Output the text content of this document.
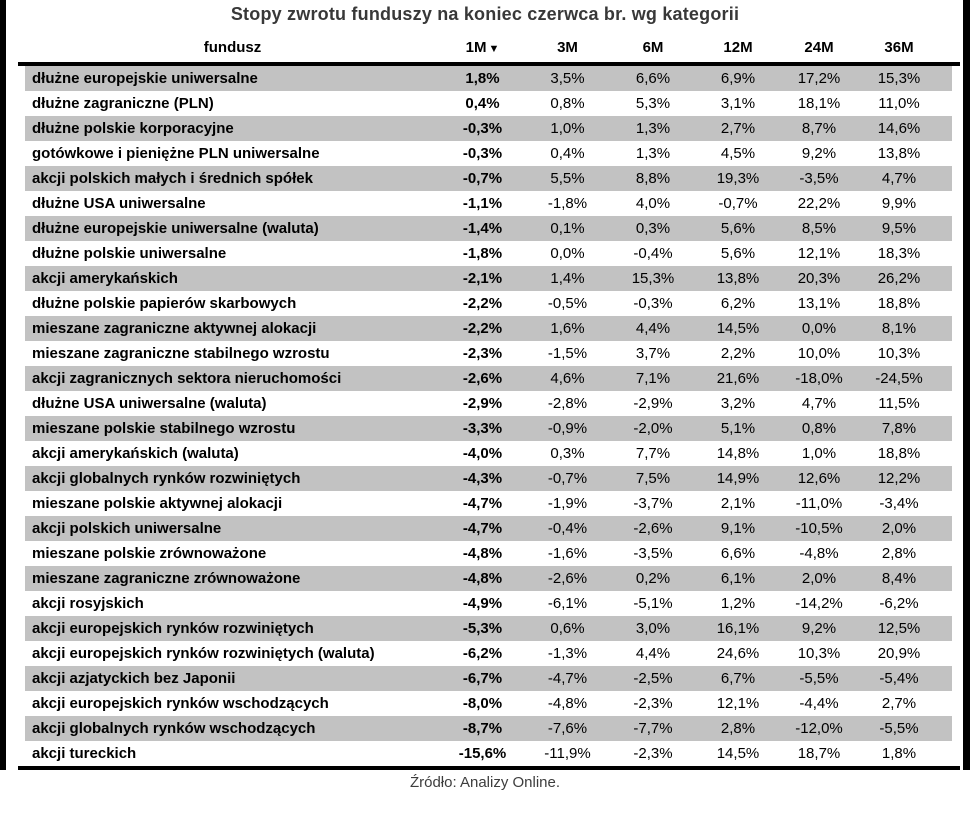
Stopy zwrotu funduszy na koniec czerwca br. wg kategorii
fundusz	1M ▼	3M	6M	12M	24M	36M
dłużne europejskie uniwersalne	1,8%	3,5%	6,6%	6,9%	17,2%	15,3%
dłużne zagraniczne (PLN)	0,4%	0,8%	5,3%	3,1%	18,1%	11,0%
dłużne polskie korporacyjne	-0,3%	1,0%	1,3%	2,7%	8,7%	14,6%
gotówkowe i pieniężne PLN uniwersalne	-0,3%	0,4%	1,3%	4,5%	9,2%	13,8%
akcji polskich małych i średnich spółek	-0,7%	5,5%	8,8%	19,3%	-3,5%	4,7%
dłużne USA uniwersalne	-1,1%	-1,8%	4,0%	-0,7%	22,2%	9,9%
dłużne europejskie uniwersalne (waluta)	-1,4%	0,1%	0,3%	5,6%	8,5%	9,5%
dłużne polskie uniwersalne	-1,8%	0,0%	-0,4%	5,6%	12,1%	18,3%
akcji amerykańskich	-2,1%	1,4%	15,3%	13,8%	20,3%	26,2%
dłużne polskie papierów skarbowych	-2,2%	-0,5%	-0,3%	6,2%	13,1%	18,8%
mieszane zagraniczne aktywnej alokacji	-2,2%	1,6%	4,4%	14,5%	0,0%	8,1%
mieszane zagraniczne stabilnego wzrostu	-2,3%	-1,5%	3,7%	2,2%	10,0%	10,3%
akcji zagranicznych sektora nieruchomości	-2,6%	4,6%	7,1%	21,6%	-18,0%	-24,5%
dłużne USA uniwersalne (waluta)	-2,9%	-2,8%	-2,9%	3,2%	4,7%	11,5%
mieszane polskie stabilnego wzrostu	-3,3%	-0,9%	-2,0%	5,1%	0,8%	7,8%
akcji amerykańskich (waluta)	-4,0%	0,3%	7,7%	14,8%	1,0%	18,8%
akcji globalnych rynków rozwiniętych	-4,3%	-0,7%	7,5%	14,9%	12,6%	12,2%
mieszane polskie aktywnej alokacji	-4,7%	-1,9%	-3,7%	2,1%	-11,0%	-3,4%
akcji polskich uniwersalne	-4,7%	-0,4%	-2,6%	9,1%	-10,5%	2,0%
mieszane polskie zrównoważone	-4,8%	-1,6%	-3,5%	6,6%	-4,8%	2,8%
mieszane zagraniczne zrównoważone	-4,8%	-2,6%	0,2%	6,1%	2,0%	8,4%
akcji rosyjskich	-4,9%	-6,1%	-5,1%	1,2%	-14,2%	-6,2%
akcji europejskich rynków rozwiniętych	-5,3%	0,6%	3,0%	16,1%	9,2%	12,5%
akcji europejskich rynków rozwiniętych (waluta)	-6,2%	-1,3%	4,4%	24,6%	10,3%	20,9%
akcji azjatyckich bez Japonii	-6,7%	-4,7%	-2,5%	6,7%	-5,5%	-5,4%
akcji europejskich rynków wschodzących	-8,0%	-4,8%	-2,3%	12,1%	-4,4%	2,7%
akcji globalnych rynków wschodzących	-8,7%	-7,6%	-7,7%	2,8%	-12,0%	-5,5%
akcji tureckich	-15,6%	-11,9%	-2,3%	14,5%	18,7%	1,8%
Źródło: Analizy Online.
